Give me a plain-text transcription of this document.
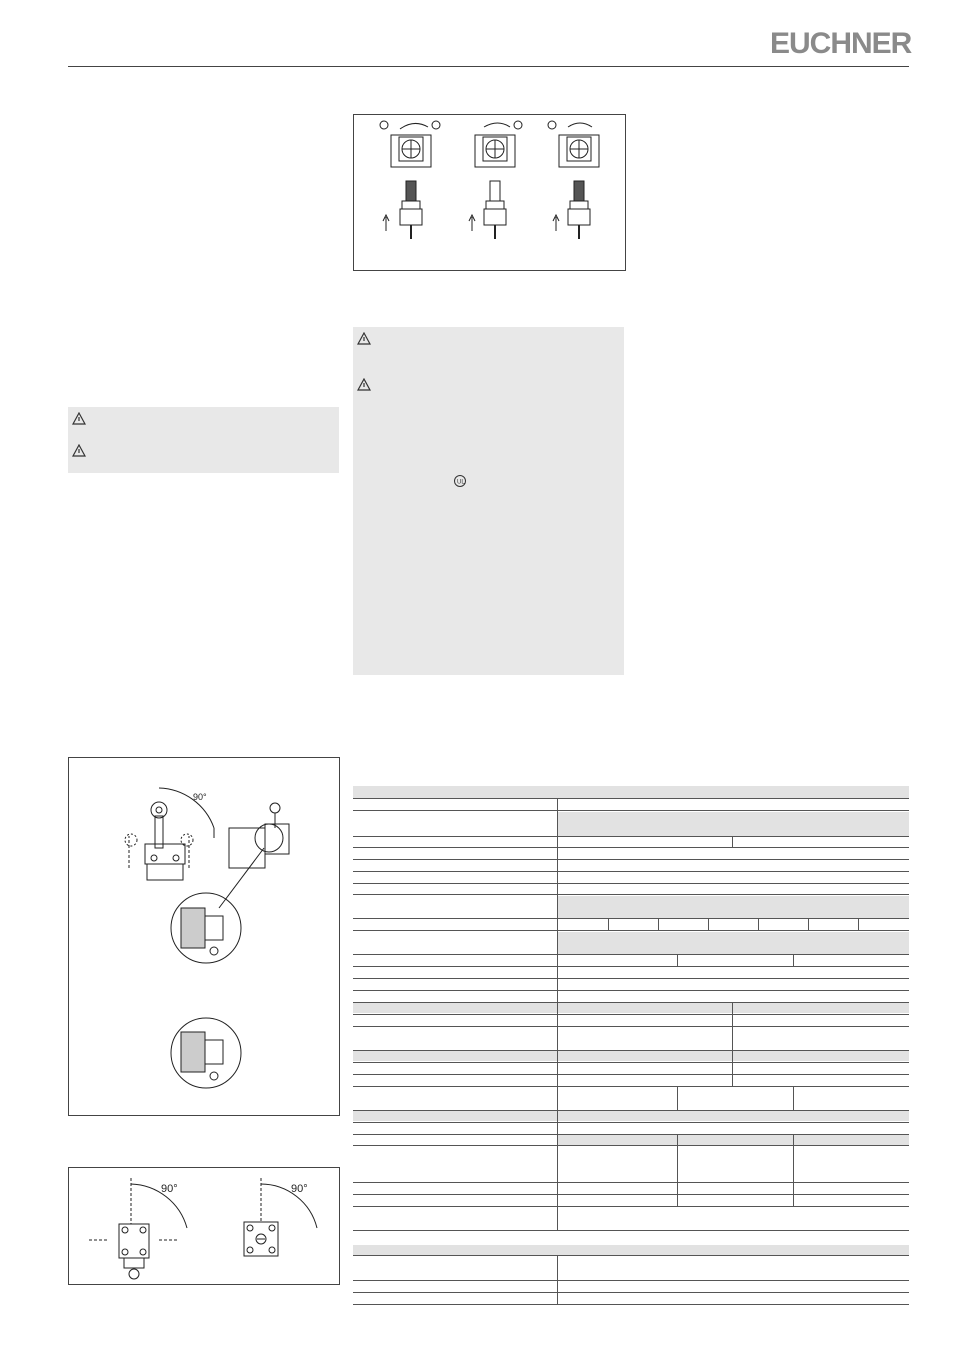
EUCHNER
UL
90°
90°	90°
